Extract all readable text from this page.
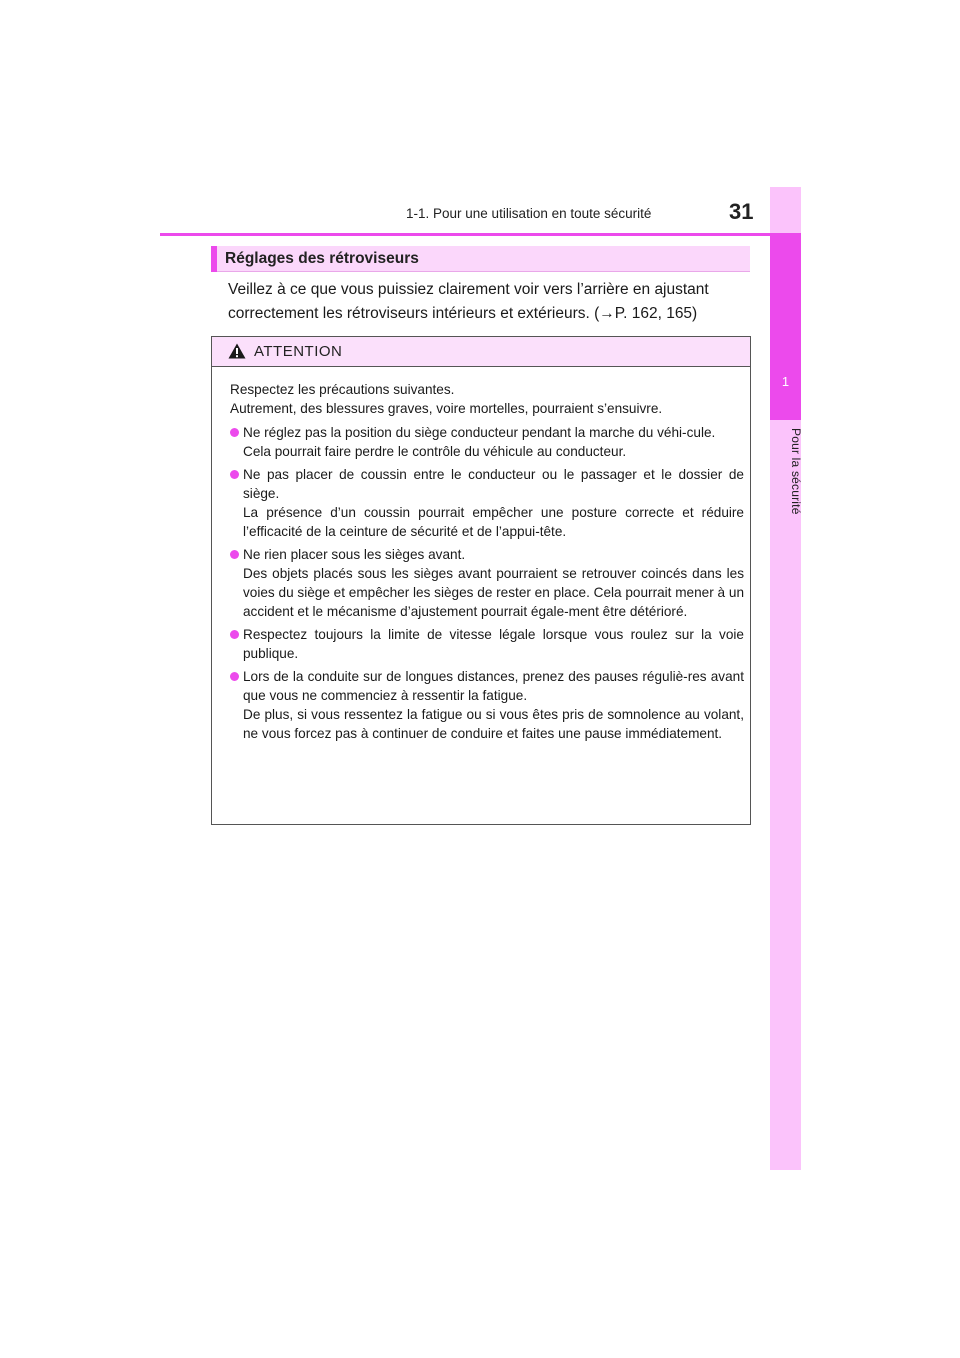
1
Pour la sécurité
1-1. Pour une utilisation en toute sécurité	31
Réglages des rétroviseurs

Veillez à ce que vous puissiez clairement voir vers l’arrière en ajustant

correctement les rétroviseurs intérieurs et extérieurs. (→P. 162, 165)

ATTENTION

Respectez les précautions suivantes.

Autrement, des blessures graves, voire mortelles, pourraient s’ensuivre.

Ne réglez pas la position du siège conducteur pendant la marche du véhi-cule.

Cela pourrait faire perdre le contrôle du véhicule au conducteur.

Ne pas placer de coussin entre le conducteur ou le passager et le dossier de siège.

La présence d’un coussin pourrait empêcher une posture correcte et réduire l’efficacité de la ceinture de sécurité et de l’appui-tête.

Ne rien placer sous les sièges avant.

Des objets placés sous les sièges avant pourraient se retrouver coincés dans les voies du siège et empêcher les sièges de rester en place. Cela pourrait mener à un accident et le mécanisme d’ajustement pourrait égale-ment être détérioré.

Respectez toujours la limite de vitesse légale lorsque vous roulez sur la voie publique.

Lors de la conduite sur de longues distances, prenez des pauses réguliè-res avant que vous ne commenciez à ressentir la fatigue.

De plus, si vous ressentez la fatigue ou si vous êtes pris de somnolence au volant, ne vous forcez pas à continuer de conduire et faites une pause immédiatement.
